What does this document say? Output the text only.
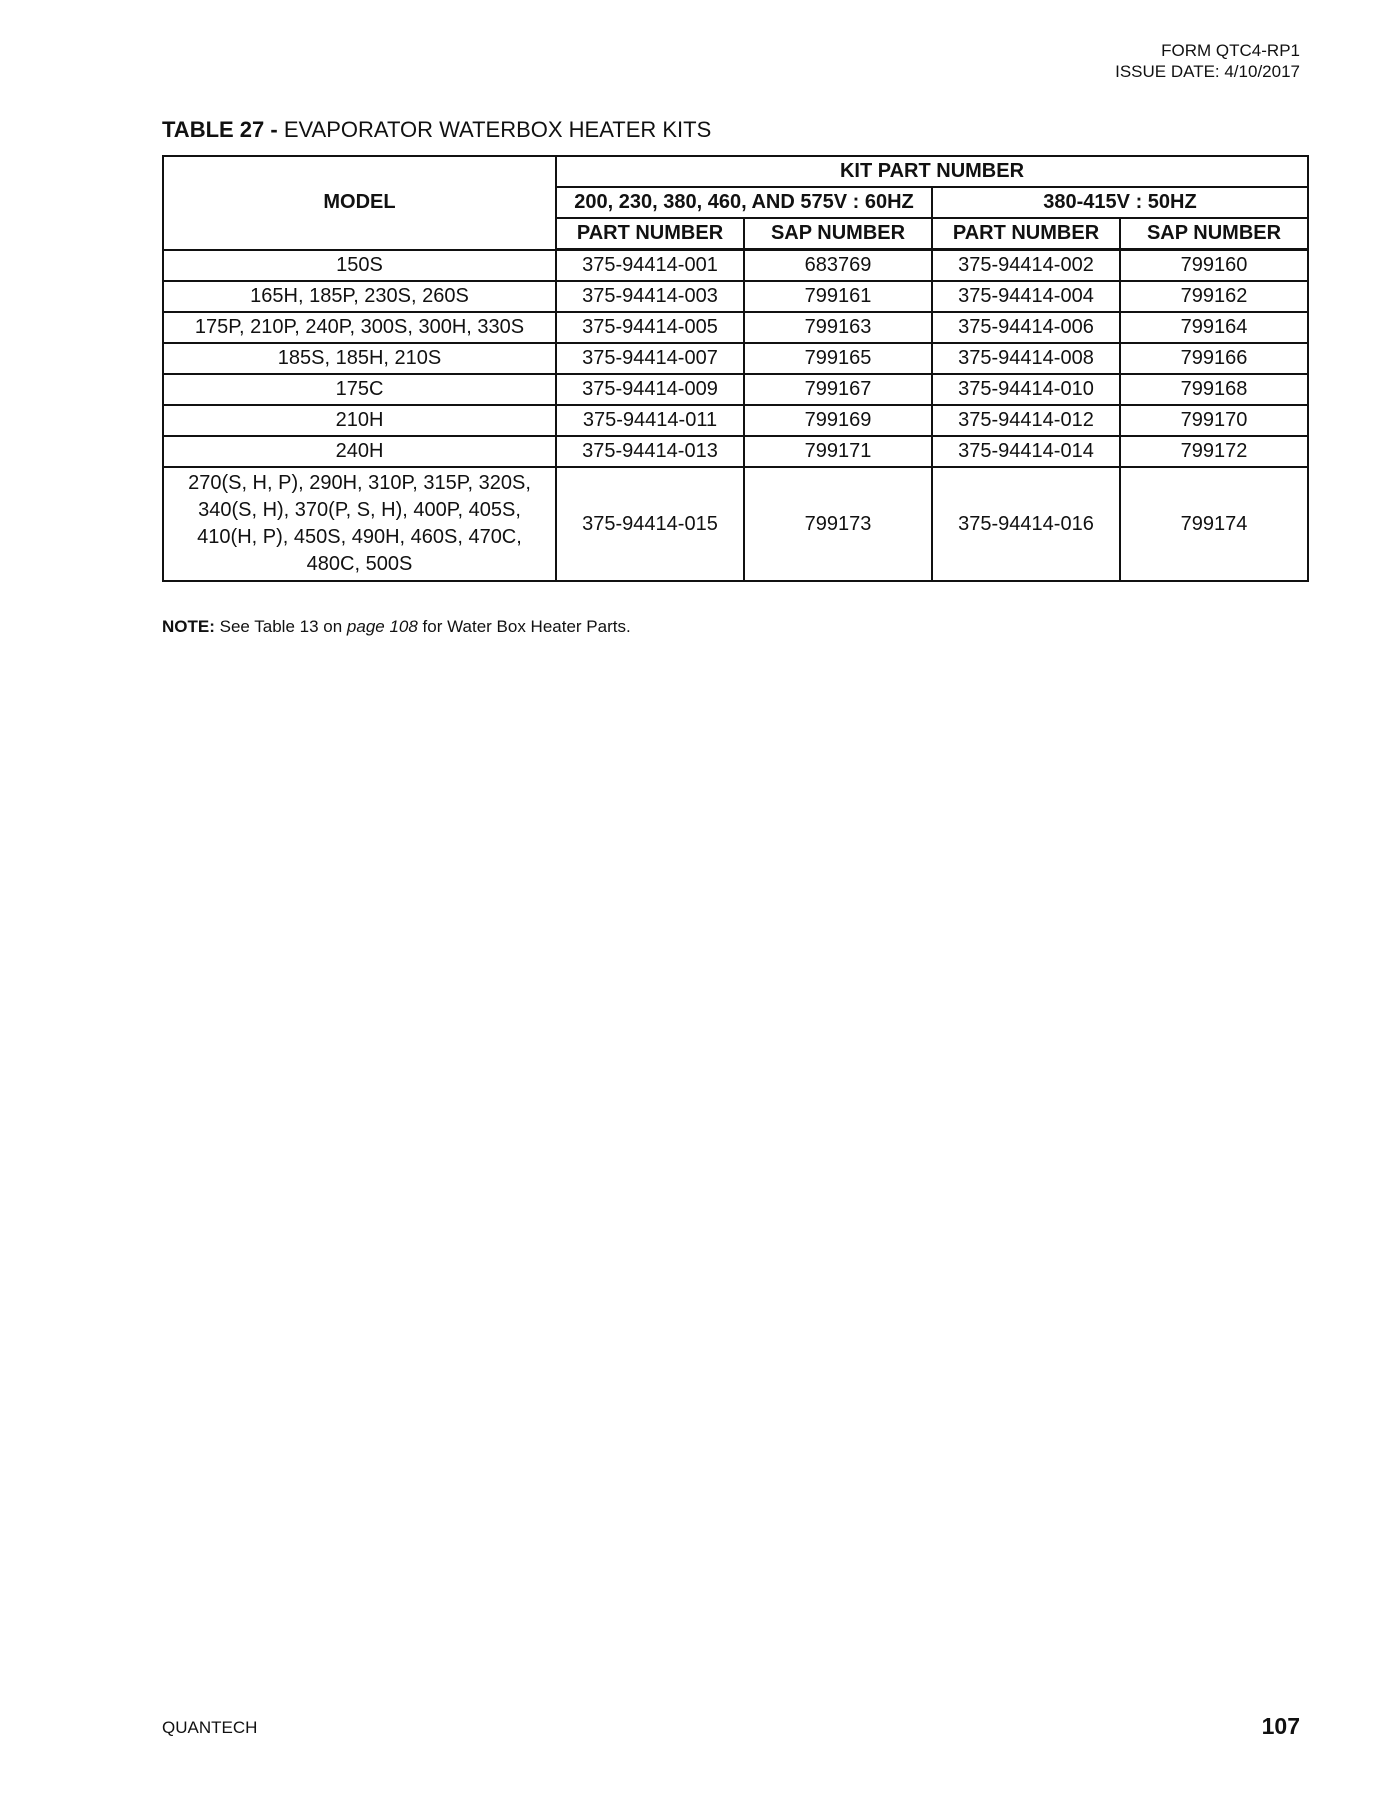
FORM QTC4-RP1
ISSUE DATE: 4/10/2017
TABLE 27 - EVAPORATOR WATERBOX HEATER KITS
MODEL	KIT PART NUMBER			
	200, 230, 380, 460, AND 575V : 60HZ		380-415V : 50HZ	
	PART NUMBER	SAP NUMBER	PART NUMBER	SAP NUMBER
150S	375-94414-001	683769	375-94414-002	799160
165H, 185P, 230S, 260S	375-94414-003	799161	375-94414-004	799162
175P, 210P, 240P, 300S, 300H, 330S	375-94414-005	799163	375-94414-006	799164
185S, 185H, 210S	375-94414-007	799165	375-94414-008	799166
175C	375-94414-009	799167	375-94414-010	799168
210H	375-94414-011	799169	375-94414-012	799170
240H	375-94414-013	799171	375-94414-014	799172

270(S, H, P), 290H, 310P, 315P, 320S,
340(S, H), 370(P, S, H), 400P, 405S,
410(H, P), 450S, 490H, 460S, 470C,
480C, 500S	375-94414-015	799173	375-94414-016	799174
NOTE: See Table 13 on page 108 for Water Box Heater Parts.
QUANTECH	107
